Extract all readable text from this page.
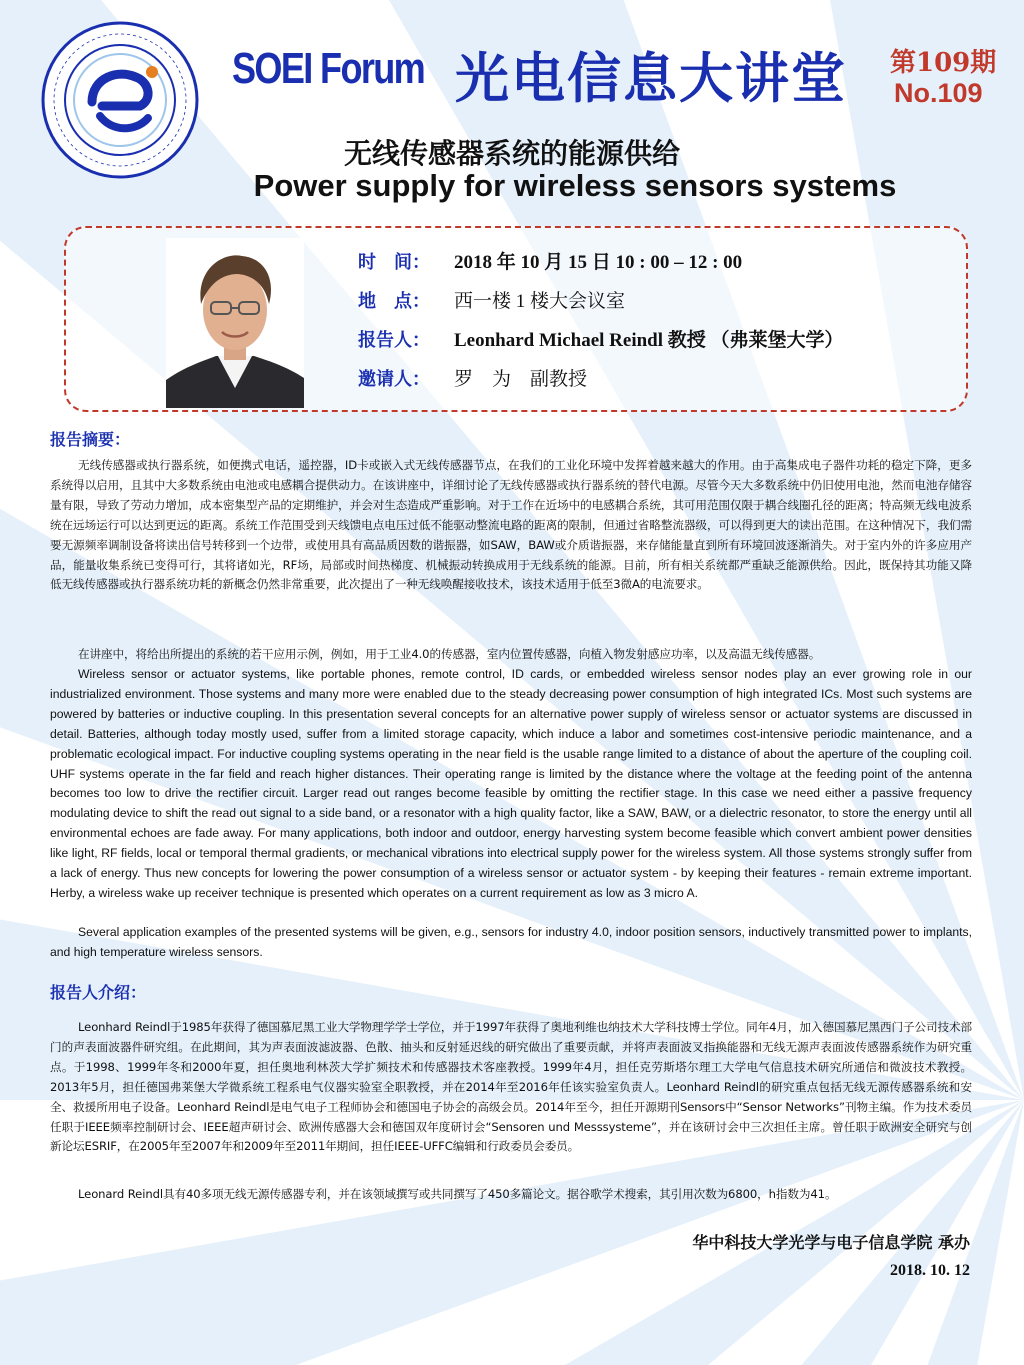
SOEI Forum 光电信息大讲堂 第109期
No.109
无线传感器系统的能源供给
Power supply for wireless sensors systems
时　间： 2018 年 10 月 15 日 10 : 00 – 12 : 00
地　点： 西一楼 1 楼大会议室
报告人： Leonhard Michael Reindl 教授 （弗莱堡大学）
邀请人： 罗　为　副教授
报告摘要：
无线传感器或执行器系统，如便携式电话，遥控器，ID卡或嵌入式无线传感器节点，在我们的工业化环境中发挥着越来越大的作用。由于高集成电子器件功耗的稳定下降，更多系统得以启用，且其中大多数系统由电池或电感耦合提供动力。在该讲座中，详细讨论了无线传感器或执行器系统的替代电源。尽管今天大多数系统中仍旧使用电池，然而电池存储容量有限，导致了劳动力增加，成本密集型产品的定期维护，并会对生态造成严重影响。对于工作在近场中的电感耦合系统，其可用范围仅限于耦合线圈孔径的距离；特高频无线电波系统在远场运行可以达到更远的距离。系统工作范围受到天线馈电点电压过低不能驱动整流电路的距离的限制，但通过省略整流器级，可以得到更大的读出范围。在这种情况下，我们需要无源频率调制设备将读出信号转移到一个边带，或使用具有高品质因数的谐振器，如SAW，BAW或介质谐振器，来存储能量直到所有环境回波逐渐消失。对于室内外的许多应用产品，能量收集系统已变得可行，其将诸如光，RF场，局部或时间热梯度、机械振动转换成用于无线系统的能源。目前，所有相关系统都严重缺乏能源供给。因此，既保持其功能又降低无线传感器或执行器系统功耗的新概念仍然非常重要，此次提出了一种无线唤醒接收技术，该技术适用于低至3微A的电流要求。
在讲座中，将给出所提出的系统的若干应用示例，例如，用于工业4.0的传感器，室内位置传感器，向植入物发射感应功率，以及高温无线传感器。
Wireless sensor or actuator systems, like portable phones, remote control, ID cards, or embedded wireless sensor nodes play an ever growing role in our industrialized environment. Those systems and many more were enabled due to the steady decreasing power consumption of high integrated ICs. Most such systems are powered by batteries or inductive coupling. In this presentation several concepts for an alternative power supply of wireless sensor or actuator systems are discussed in detail. Batteries, although today mostly used, suffer from a limited storage capacity, which induce a labor and sometimes cost-intensive periodic maintenance, and a problematic ecological impact. For inductive coupling systems operating in the near field is the usable range limited to a distance of about the aperture of the coupling coil. UHF systems operate in the far field and reach higher distances. Their operating range is limited by the distance where the voltage at the feeding point of the antenna becomes too low to drive the rectifier circuit. Larger read out ranges become feasible by omitting the rectifier stage. In this case we need either a passive frequency modulating device to shift the read out signal to a side band, or a resonator with a high quality factor, like a SAW, BAW, or a dielectric resonator, to store the energy until all environmental echoes are fade away. For many applications, both indoor and outdoor, energy harvesting system become feasible which convert ambient power densities like light, RF fields, local or temporal thermal gradients, or mechanical vibrations into electrical supply power for the wireless system. All those systems strongly suffer from a lack of energy. Thus new concepts for lowering the power consumption of a wireless sensor or actuator system - by keeping their features - remain extreme important. Herby, a wireless wake up receiver technique is presented which operates on a current requirement as low as 3 micro A.
Several application examples of the presented systems will be given, e.g., sensors for industry 4.0, indoor position sensors, inductively transmitted power to implants, and high temperature wireless sensors.
报告人介绍：
Leonhard Reindl于1985年获得了德国慕尼黑工业大学物理学学士学位，并于1997年获得了奥地利维也纳技术大学科技博士学位。同年4月，加入德国慕尼黑西门子公司技术部门的声表面波器件研究组。在此期间，其为声表面波滤波器、色散、抽头和反射延迟线的研究做出了重要贡献，并将声表面波叉指换能器和无线无源声表面波传感器系统作为研究重点。于1998、1999年冬和2000年夏，担任奥地利林茨大学扩频技术和传感器技术客座教授。1999年4月，担任克劳斯塔尔理工大学电气信息技术研究所通信和微波技术教授。2013年5月，担任德国弗莱堡大学微系统工程系电气仪器实验室全职教授，并在2014年至2016年任该实验室负责人。Leonhard Reindl的研究重点包括无线无源传感器系统和安全、救援所用电子设备。Leonhard Reindl是电气电子工程师协会和德国电子协会的高级会员。2014年至今，担任开源期刊Sensors中“Sensor Networks”刊物主编。作为技术委员任职于IEEE频率控制研讨会、IEEE超声研讨会、欧洲传感器大会和德国双年度研讨会“Sensoren und Messsysteme”，并在该研讨会中三次担任主席。曾任职于欧洲安全研究与创新论坛ESRIF，在2005年至2007年和2009年至2011年期间，担任IEEE-UFFC编辑和行政委员会委员。
Leonard Reindl具有40多项无线无源传感器专利，并在该领域撰写或共同撰写了450多篇论文。据谷歌学术搜索，其引用次数为6800，h指数为41。
华中科技大学光学与电子信息学院 承办
2018. 10. 12
